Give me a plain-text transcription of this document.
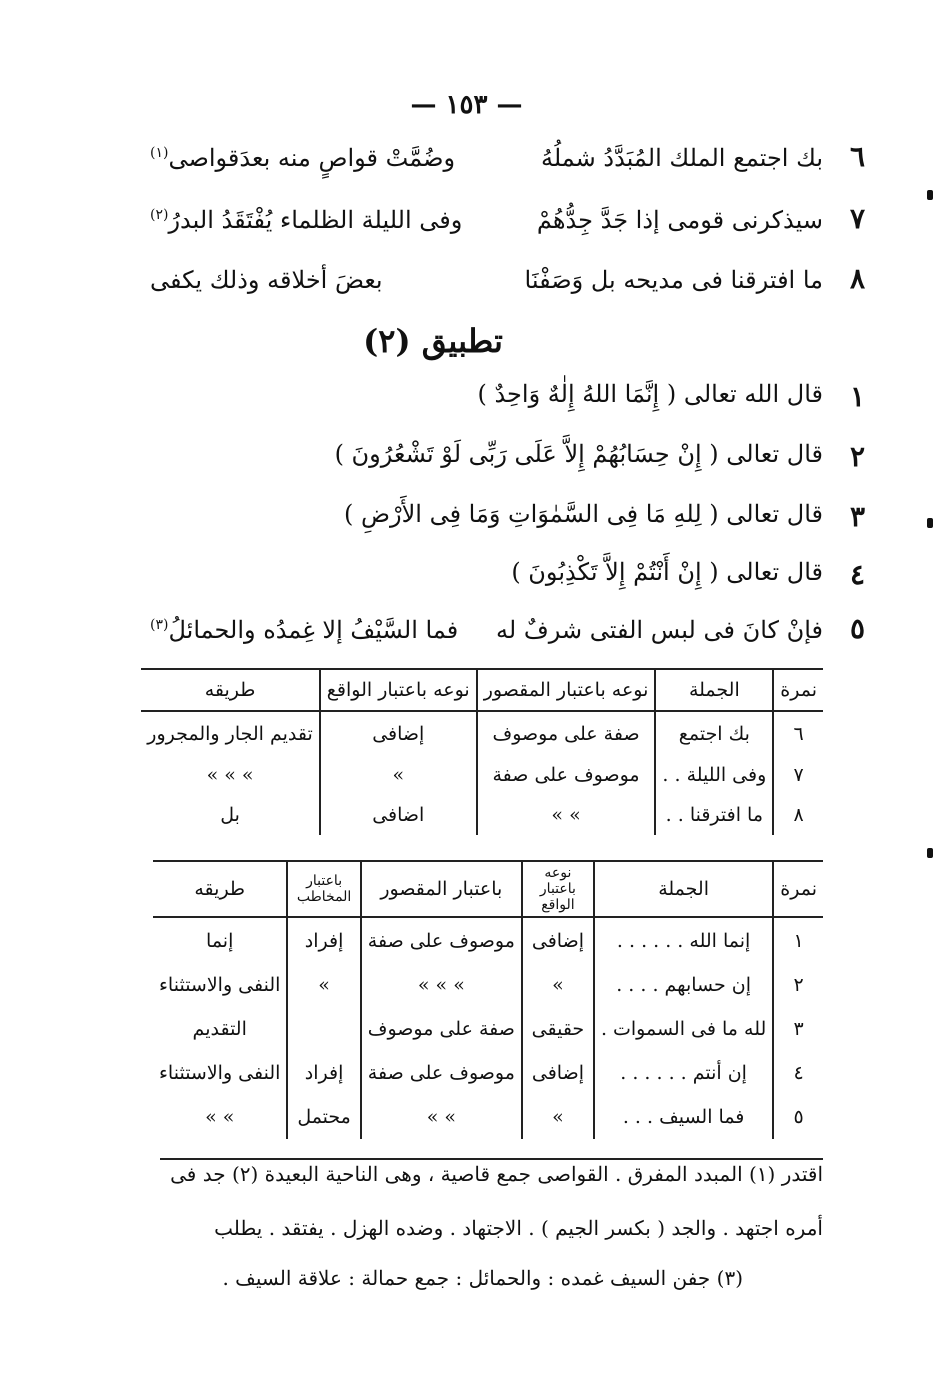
— ١٥٣ —
٦
بك اجتمع الملك المُبَدَّدُ شملُهُ
وضُمَّتْ قواصٍ منه بعدَقواصى$^{(١)}$
٧
سيذكرنى قومى إذا جَدَّ جِدُّهُمْ
وفى الليلة الظلماء يُفْتَقَدُ البدرُ$^{(٢)}$
٨
ما افترقنا فى مديحه بل وَصَفْنَا
بعضَ أخلاقه وذلك يكفى
تطبيق (٢)
١
قال الله تعالى ( إِنَّمَا اللهُ إِلٰهٌ وَاحِدٌ )
٢
قال تعالى ( إِنْ حِسَابُهُمْ إِلاَّ عَلَى رَبِّى لَوْ تَشْعُرُونَ )
٣
قال تعالى ( لِلهِ مَا فِى السَّمٰوَاتِ وَمَا فِى الأَرْضِ )
٤
قال تعالى ( إِنْ أَنْتُمْ إِلاَّ تَكْذِبُونَ )
٥
فإنْ كانَ فى لبس الفتى شرفٌ له
فما السَّيْفُ إلا غِمدُه والحمائلُ$^{(٣)}$
نمرة	الجملة	نوعه باعتبار المقصور	نوعه باعتبار الواقع	طريقه
٦	بك اجتمع	صفة على موصوف	إضافى	تقديم الجار والمجرور
٧	وفى الليلة . .	موصوف على صفة	»	» » »
٨	ما افترقنا . .	» »	اضافى	بل
نمرة	الجملة	نوعه باعتبار الواقع	باعتبار المقصور	باعتبار المخاطب	طريقه
١	إنما الله . . . . . .	إضافى	موصوف على صفة	إفراد	إنما
٢	إن حسابهم . . . .	»	» » »	»	النفى والاستثناء
٣	لله ما فى السموات .	حقيقى	صفة على موصوف		التقديم
٤	إن أنتم . . . . . .	إضافى	موصوف على صفة	إفراد	النفى والاستثناء
٥	فما السيف . . .	»	» »	محتمل	» »
اقتدر (١) المبدد المفرق . القواصى جمع قاصية ، وهى الناحية البعيدة (٢) جد فى
أمره اجتهد . والجد ( بكسر الجيم ) . الاجتهاد . وضده الهزل . يفتقد . يطلب
(٣) جفن السيف غمده : والحمائل : جمع حمالة : علاقة السيف .
